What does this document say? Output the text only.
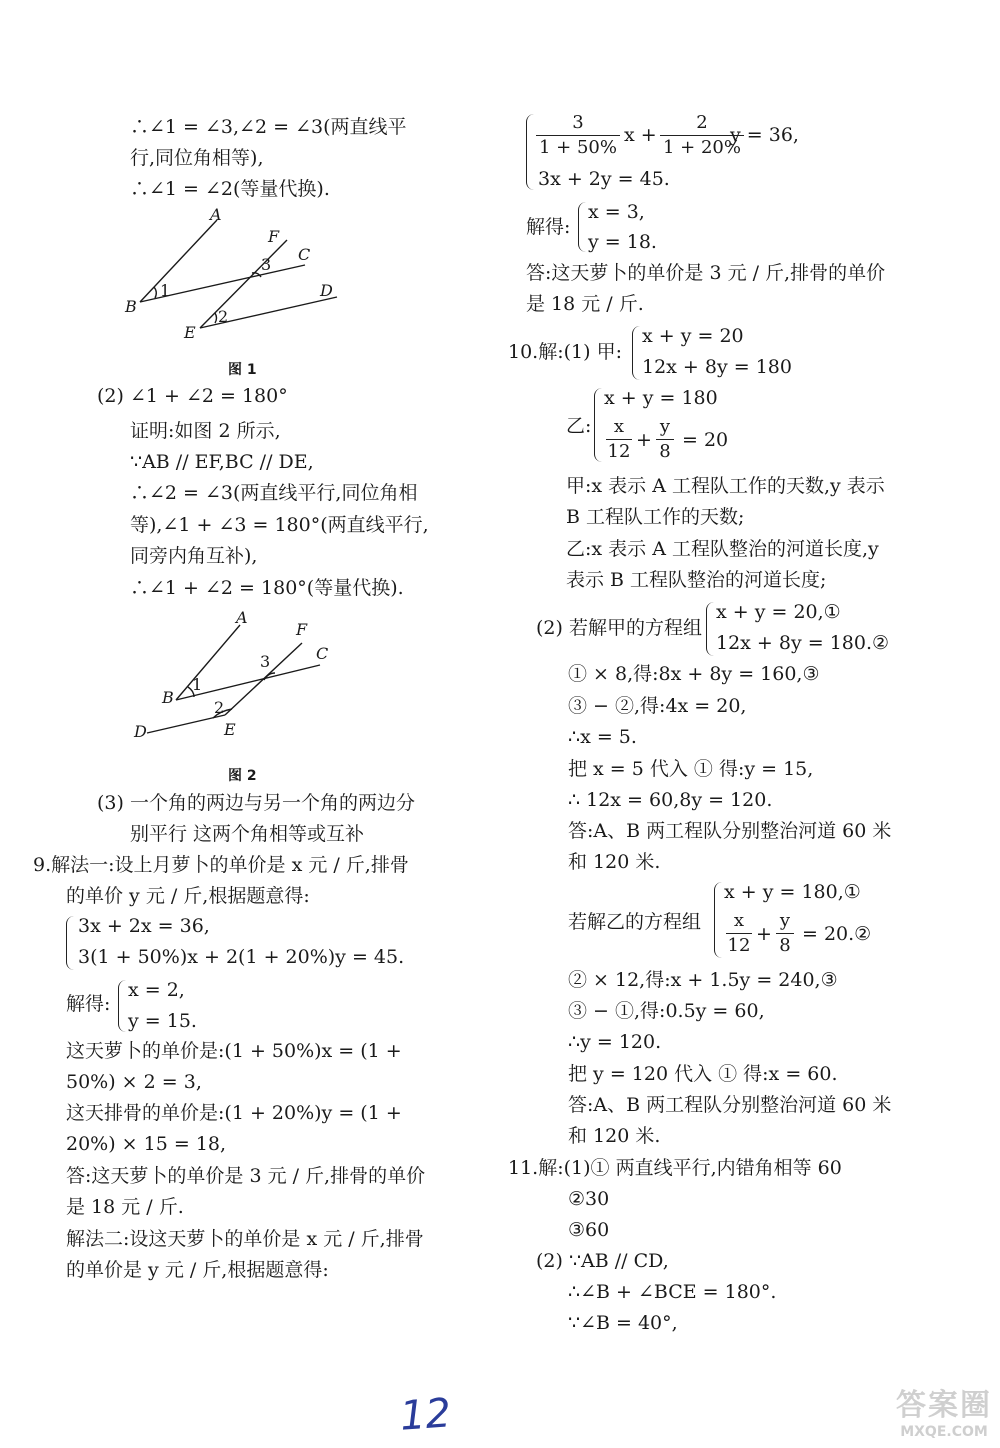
∴∠1 = ∠3,∠2 = ∠3(两直线平
行,同位角相等),
∴∠1 = ∠2(等量代换).
A
B
C
D
E
F
1
2
3
图 1
(2) ∠1 + ∠2 = 180°
证明:如图 2 所示,
∵AB // EF,BC // DE,
∴∠2 = ∠3(两直线平行,同位角相
等),∠1 + ∠3 = 180°(两直线平行,
同旁内角互补),
∴∠1 + ∠2 = 180°(等量代换).
A
B
C
D	E
F
1
2
3
图 2
(3) 一个角的两边与另一个角的两边分
别平行 这两个角相等或互补
9.解法一:设上月萝卜的单价是 x 元 / 斤,排骨
的单价 y 元 / 斤,根据题意得:
3x + 2x = 36,
3(1 + 50%)x + 2(1 + 20%)y = 45.
解得:
x = 2,
y = 15.
这天萝卜的单价是:(1 + 50%)x = (1 +
50%) × 2 = 3,
这天排骨的单价是:(1 + 20%)y = (1 +
20%) × 15 = 18,
答:这天萝卜的单价是 3 元 / 斤,排骨的单价
是 18 元 / 斤.
解法二:设这天萝卜的单价是 x 元 / 斤,排骨
的单价是 y 元 / 斤,根据题意得:
3
1 + 50%
x +
2
1 + 20%
y = 36,
3x + 2y = 45.
解得:
x = 3,
y = 18.
答:这天萝卜的单价是 3 元 / 斤,排骨的单价
是 18 元 / 斤.
10.解:(1) 甲:
x + y = 20
12x + 8y = 180
乙:
x + y = 180
x
12
+
y
8
= 20
甲:x 表示 A 工程队工作的天数,y 表示
B 工程队工作的天数;
乙:x 表示 A 工程队整治的河道长度,y
表示 B 工程队整治的河道长度;
(2) 若解甲的方程组
x + y = 20,①
12x + 8y = 180.②
① × 8,得:8x + 8y = 160,③
③ − ②,得:4x = 20,
∴x = 5.
把 x = 5 代入 ① 得:y = 15,
∴ 12x = 60,8y = 120.
答:A、B 两工程队分别整治河道 60 米
和 120 米.
若解乙的方程组
x + y = 180,①
x
12
+
y
8
= 20.②
② × 12,得:x + 1.5y = 240,③
③ − ①,得:0.5y = 60,
∴y = 120.
把 y = 120 代入 ① 得:x = 60.
答:A、B 两工程队分别整治河道 60 米
和 120 米.
11.解:(1)① 两直线平行,内错角相等 60
②30
③60
(2) ∵AB // CD,
∴∠B + ∠BCE = 180°.
∵∠B = 40°,
12	答案圈
MXQE.COM
